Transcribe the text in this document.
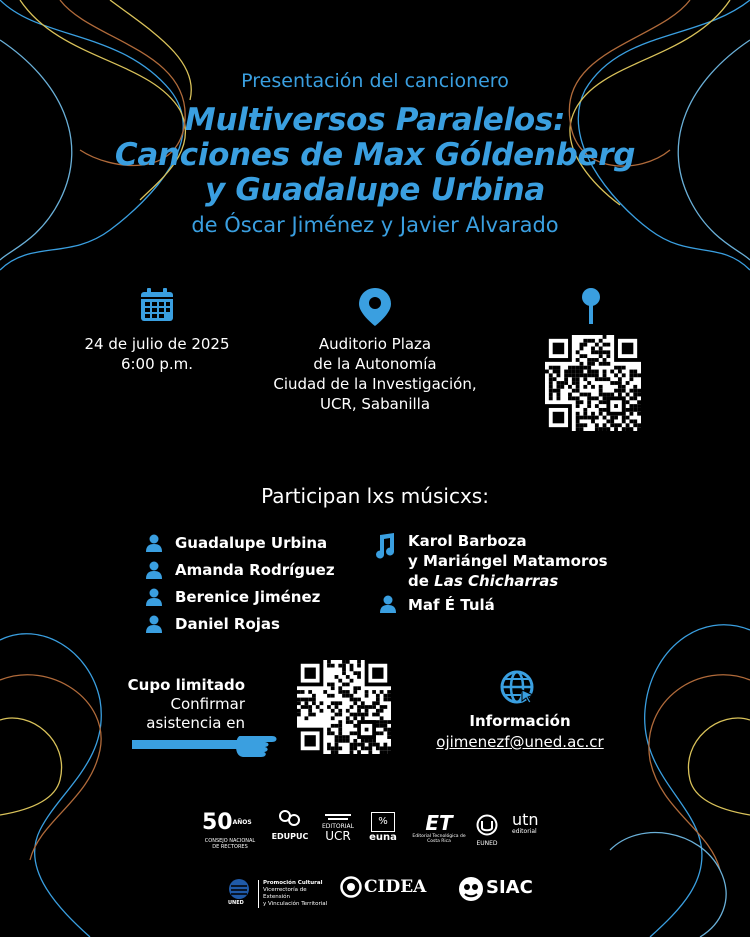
Presentación del cancionero
Multiversos Paralelos:
Canciones de Max Góldenberg
y Guadalupe Urbina
de Óscar Jiménez y Javier Alvarado
24 de julio de 2025
6:00 p.m.
Auditorio Plaza
de la Autonomía
Ciudad de la Investigación,
UCR, Sabanilla
Participan lxs músicxs:
Guadalupe Urbina
Amanda Rodríguez
Berenice Jiménez
Daniel Rojas
Karol Barboza
y Mariángel Matamoros
de Las Chicharras
Maf É Tulá
Cupo limitado
Confirmar
asistencia en	Información
ojimenezf@uned.ac.cr
$50^{AÑOS}$
CONSEJO NACIONAL
DE RECTORES
EDUPUC
EDITORIAL
UCR
%
euna
ET
Editorial Tecnológica de Costa Rica	EUNED
utn
editorial
UNED
Promoción Cultural
Vicerrectoría de Extensión
y Vinculación Territorial
CIDEA	SIAC
